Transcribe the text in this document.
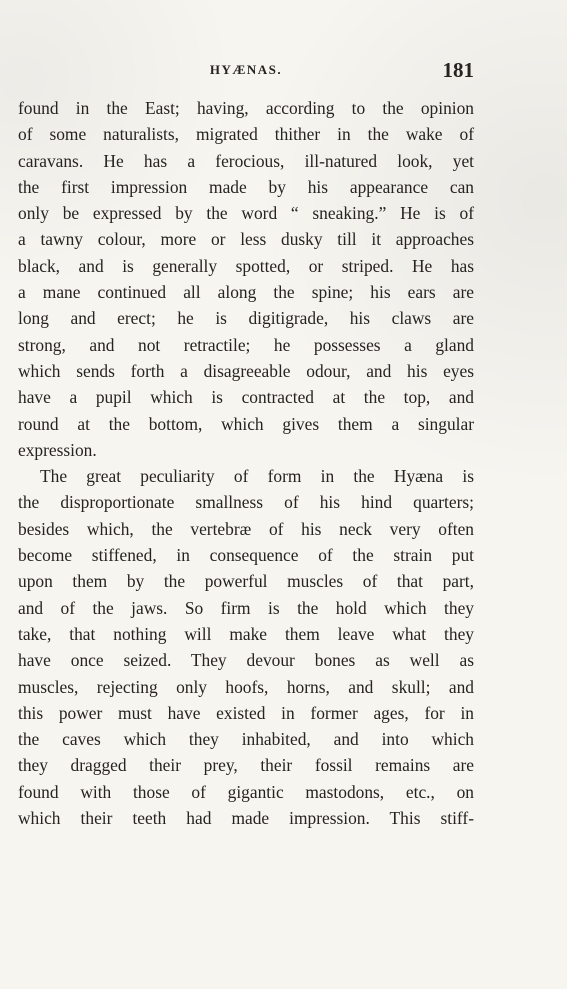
HYÆNAS.	181
found in the East; having, according to the opinion
of some naturalists, migrated thither in the wake of
caravans. He has a ferocious, ill-natured look, yet
the first impression made by his appearance can
only be expressed by the word “ sneaking.” He is of
a tawny colour, more or less dusky till it approaches
black, and is generally spotted, or striped. He has
a mane continued all along the spine; his ears are
long and erect; he is digitigrade, his claws are
strong, and not retractile; he possesses a gland
which sends forth a disagreeable odour, and his eyes
have a pupil which is contracted at the top, and
round at the bottom, which gives them a singular
expression.
The great peculiarity of form in the Hyæna is
the disproportionate smallness of his hind quarters;
besides which, the vertebræ of his neck very often
become stiffened, in consequence of the strain put
upon them by the powerful muscles of that part,
and of the jaws. So firm is the hold which they
take, that nothing will make them leave what they
have once seized. They devour bones as well as
muscles, rejecting only hoofs, horns, and skull; and
this power must have existed in former ages, for in
the caves which they inhabited, and into which
they dragged their prey, their fossil remains are
found with those of gigantic mastodons, etc., on
which their teeth had made impression. This stiff-
